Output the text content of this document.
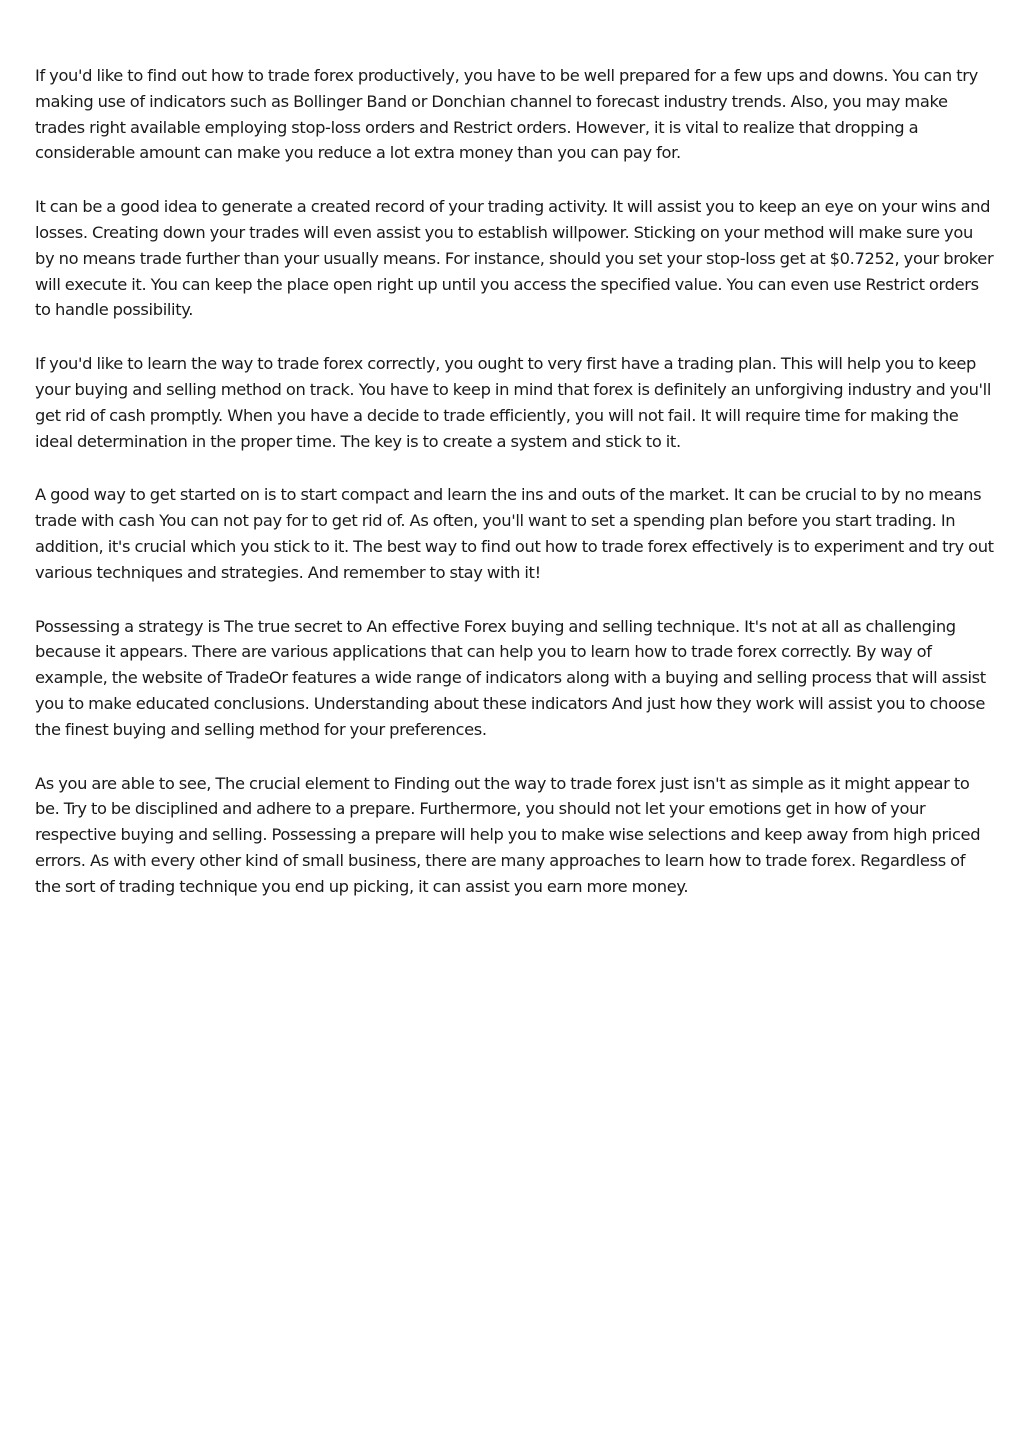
If you'd like to find out how to trade forex productively, you have to be well prepared for a few ups and downs. You can try making use of indicators such as Bollinger Band or Donchian channel to forecast industry trends. Also, you may make trades right available employing stop-loss orders and Restrict orders. However, it is vital to realize that dropping a considerable amount can make you reduce a lot extra money than you can pay for.

It can be a good idea to generate a created record of your trading activity. It will assist you to keep an eye on your wins and losses. Creating down your trades will even assist you to establish willpower. Sticking on your method will make sure you by no means trade further than your usually means. For instance, should you set your stop-loss get at $0.7252, your broker will execute it. You can keep the place open right up until you access the specified value. You can even use Restrict orders to handle possibility.

If you'd like to learn the way to trade forex correctly, you ought to very first have a trading plan. This will help you to keep your buying and selling method on track. You have to keep in mind that forex is definitely an unforgiving industry and you'll get rid of cash promptly. When you have a decide to trade efficiently, you will not fail. It will require time for making the ideal determination in the proper time. The key is to create a system and stick to it.

A good way to get started on is to start compact and learn the ins and outs of the market. It can be crucial to by no means trade with cash You can not pay for to get rid of. As often, you'll want to set a spending plan before you start trading. In addition, it's crucial which you stick to it. The best way to find out how to trade forex effectively is to experiment and try out various techniques and strategies. And remember to stay with it!

Possessing a strategy is The true secret to An effective Forex buying and selling technique. It's not at all as challenging because it appears. There are various applications that can help you to learn how to trade forex correctly. By way of example, the website of TradeOr features a wide range of indicators along with a buying and selling process that will assist you to make educated conclusions. Understanding about these indicators And just how they work will assist you to choose the finest buying and selling method for your preferences.

As you are able to see, The crucial element to Finding out the way to trade forex just isn't as simple as it might appear to be. Try to be disciplined and adhere to a prepare. Furthermore, you should not let your emotions get in how of your respective buying and selling. Possessing a prepare will help you to make wise selections and keep away from high priced errors. As with every other kind of small business, there are many approaches to learn how to trade forex. Regardless of the sort of trading technique you end up picking, it can assist you earn more money.
